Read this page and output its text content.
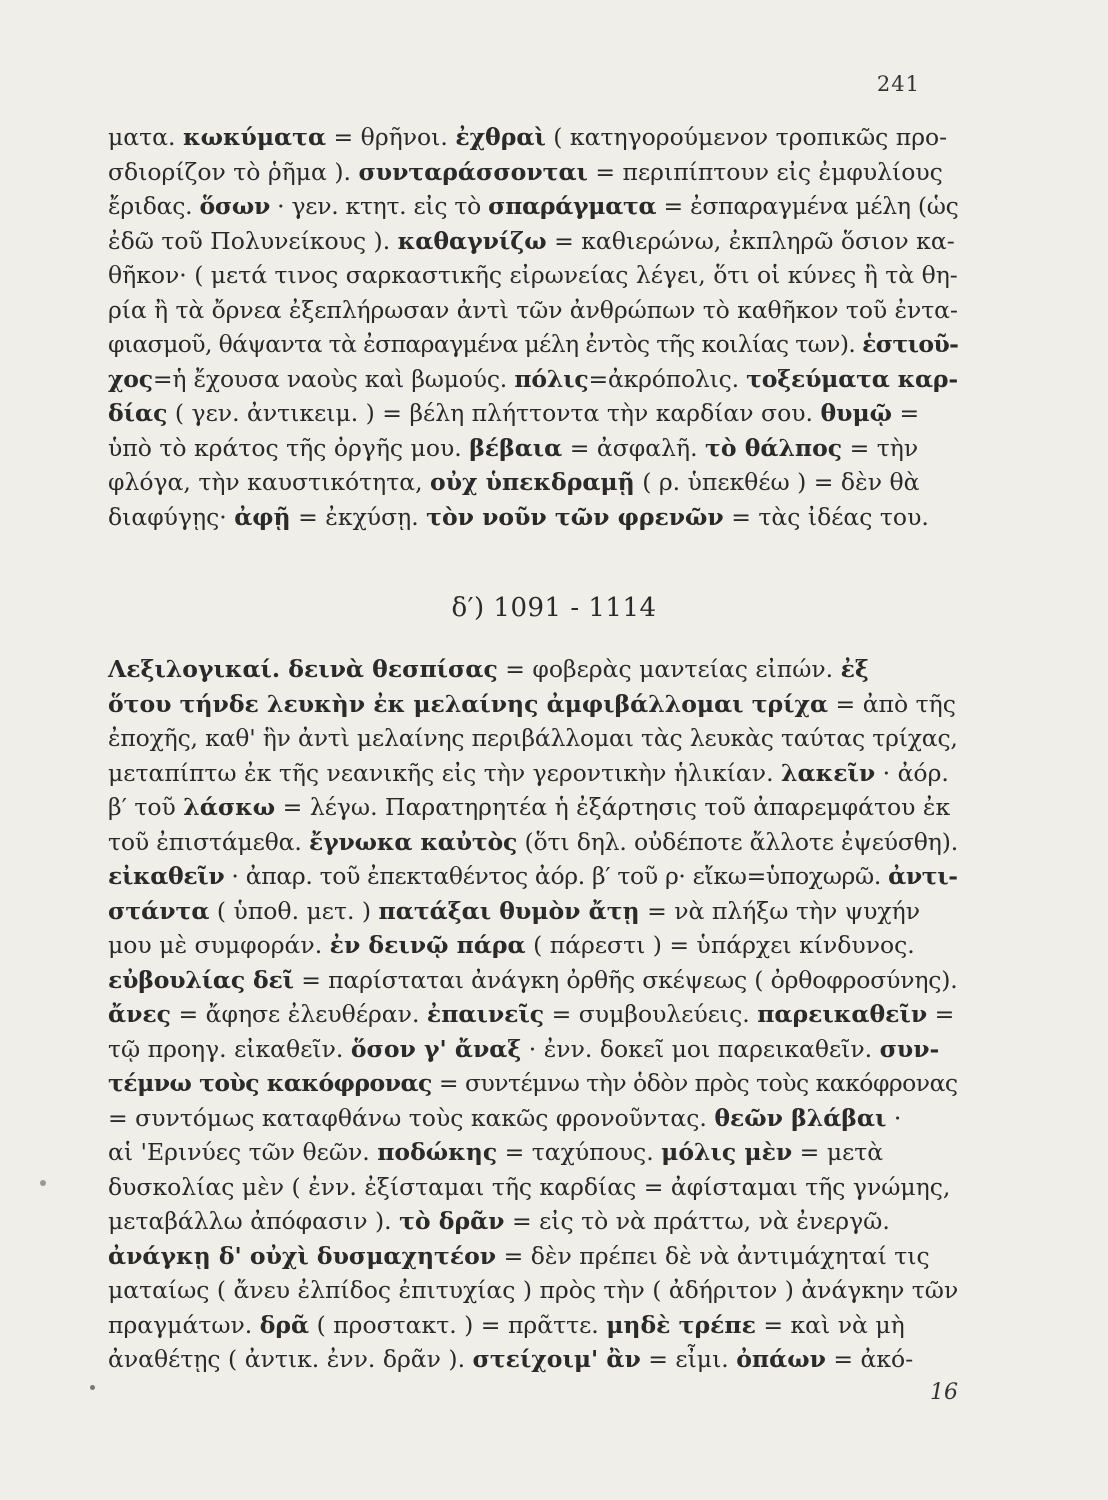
241
ματα. κωκύματα = θρῆνοι. ἐχθραὶ ( κατηγορούμενον τροπικῶς προ-
σδιορίζον τὸ ῥῆμα ). συνταράσσονται = περιπίπτουν εἰς ἐμφυλίους
ἔριδας. ὅσων · γεν. κτητ. εἰς τὸ σπαράγματα = ἐσπαραγμένα μέλη (ὡς
ἐδῶ τοῦ Πολυνείκους ). καθαγνίζω = καθιερώνω, ἐκπληρῶ ὅσιον κα-
θῆκον· ( μετά τινος σαρκαστικῆς εἰρωνείας λέγει, ὅτι οἱ κύνες ἢ τὰ θη-
ρία ἢ τὰ ὄρνεα ἐξεπλήρωσαν ἀντὶ τῶν ἀνθρώπων τὸ καθῆκον τοῦ ἐντα-
φιασμοῦ, θάψαντα τὰ ἐσπαραγμένα μέλη ἐντὸς τῆς κοιλίας των). ἑστιοῦ-
χος=ἡ ἔχουσα ναοὺς καὶ βωμούς. πόλις=ἀκρόπολις. τοξεύματα καρ-
δίας ( γεν. ἀντικειμ. ) = βέλη πλήττοντα τὴν καρδίαν σου. θυμῷ =
ὑπὸ τὸ κράτος τῆς ὀργῆς μου. βέβαια = ἀσφαλῆ. τὸ θάλπος = τὴν
φλόγα, τὴν καυστικότητα, οὐχ ὑπεκδραμῇ ( ρ. ὑπεκθέω ) = δὲν θὰ
διαφύγῃς· ἀφῇ = ἐκχύσῃ. τὸν νοῦν τῶν φρενῶν = τὰς ἰδέας του.
δ′) 1091 - 1114
Λεξιλογικαί. δεινὰ θεσπίσας = φοβερὰς μαντείας εἰπών. ἐξ
ὅτου τήνδε λευκὴν ἐκ μελαίνης ἀμφιβάλλομαι τρίχα = ἀπὸ τῆς
ἐποχῆς, καθ' ἣν ἀντὶ μελαίνης περιβάλλομαι τὰς λευκὰς ταύτας τρίχας,
μεταπίπτω ἐκ τῆς νεανικῆς εἰς τὴν γεροντικὴν ἡλικίαν. λακεῖν · ἀόρ.
β′ τοῦ λάσκω = λέγω. Παρατηρητέα ἡ ἐξάρτησις τοῦ ἀπαρεμφάτου ἐκ
τοῦ ἐπιστάμεθα. ἔγνωκα καὐτὸς (ὅτι δηλ. οὐδέποτε ἄλλοτε ἐψεύσθη).
εἰκαθεῖν · ἀπαρ. τοῦ ἐπεκταθέντος ἀόρ. β′ τοῦ ρ· εἴκω=ὑποχωρῶ. ἀντι-
στάντα ( ὑποθ. μετ. ) πατάξαι θυμὸν ἄτῃ = νὰ πλήξω τὴν ψυχήν
μου μὲ συμφοράν. ἐν δεινῷ πάρα ( πάρεστι ) = ὑπάρχει κίνδυνος.
εὐβουλίας δεῖ = παρίσταται ἀνάγκη ὀρθῆς σκέψεως ( ὀρθοφροσύνης).
ἄνες = ἄφησε ἐλευθέραν. ἐπαινεῖς = συμβουλεύεις. παρεικαθεῖν =
τῷ προηγ. εἰκαθεῖν. ὅσον γ' ἄναξ · ἐνν. δοκεῖ μοι παρεικαθεῖν. συν-
τέμνω τοὺς κακόφρονας = συντέμνω τὴν ὁδὸν πρὸς τοὺς κακόφρονας
= συντόμως καταφθάνω τοὺς κακῶς φρονοῦντας. θεῶν βλάβαι ·
αἱ 'Ερινύες τῶν θεῶν. ποδώκης = ταχύπους. μόλις μὲν = μετὰ
δυσκολίας μὲν ( ἐνν. ἐξίσταμαι τῆς καρδίας = ἀφίσταμαι τῆς γνώμης,
μεταβάλλω ἀπόφασιν ). τὸ δρᾶν = εἰς τὸ νὰ πράττω, νὰ ἐνεργῶ.
ἀνάγκῃ δ' οὐχὶ δυσμαχητέον = δὲν πρέπει δὲ νὰ ἀντιμάχηταί τις
ματαίως ( ἄνευ ἐλπίδος ἐπιτυχίας ) πρὸς τὴν ( ἀδήριτον ) ἀνάγκην τῶν
πραγμάτων. δρᾶ ( προστακτ. ) = πρᾶττε. μηδὲ τρέπε = καὶ νὰ μὴ
ἀναθέτῃς ( ἀντικ. ἐνν. δρᾶν ). στείχοιμ' ἂν = εἶμι. ὀπάων = ἀκό-
16
